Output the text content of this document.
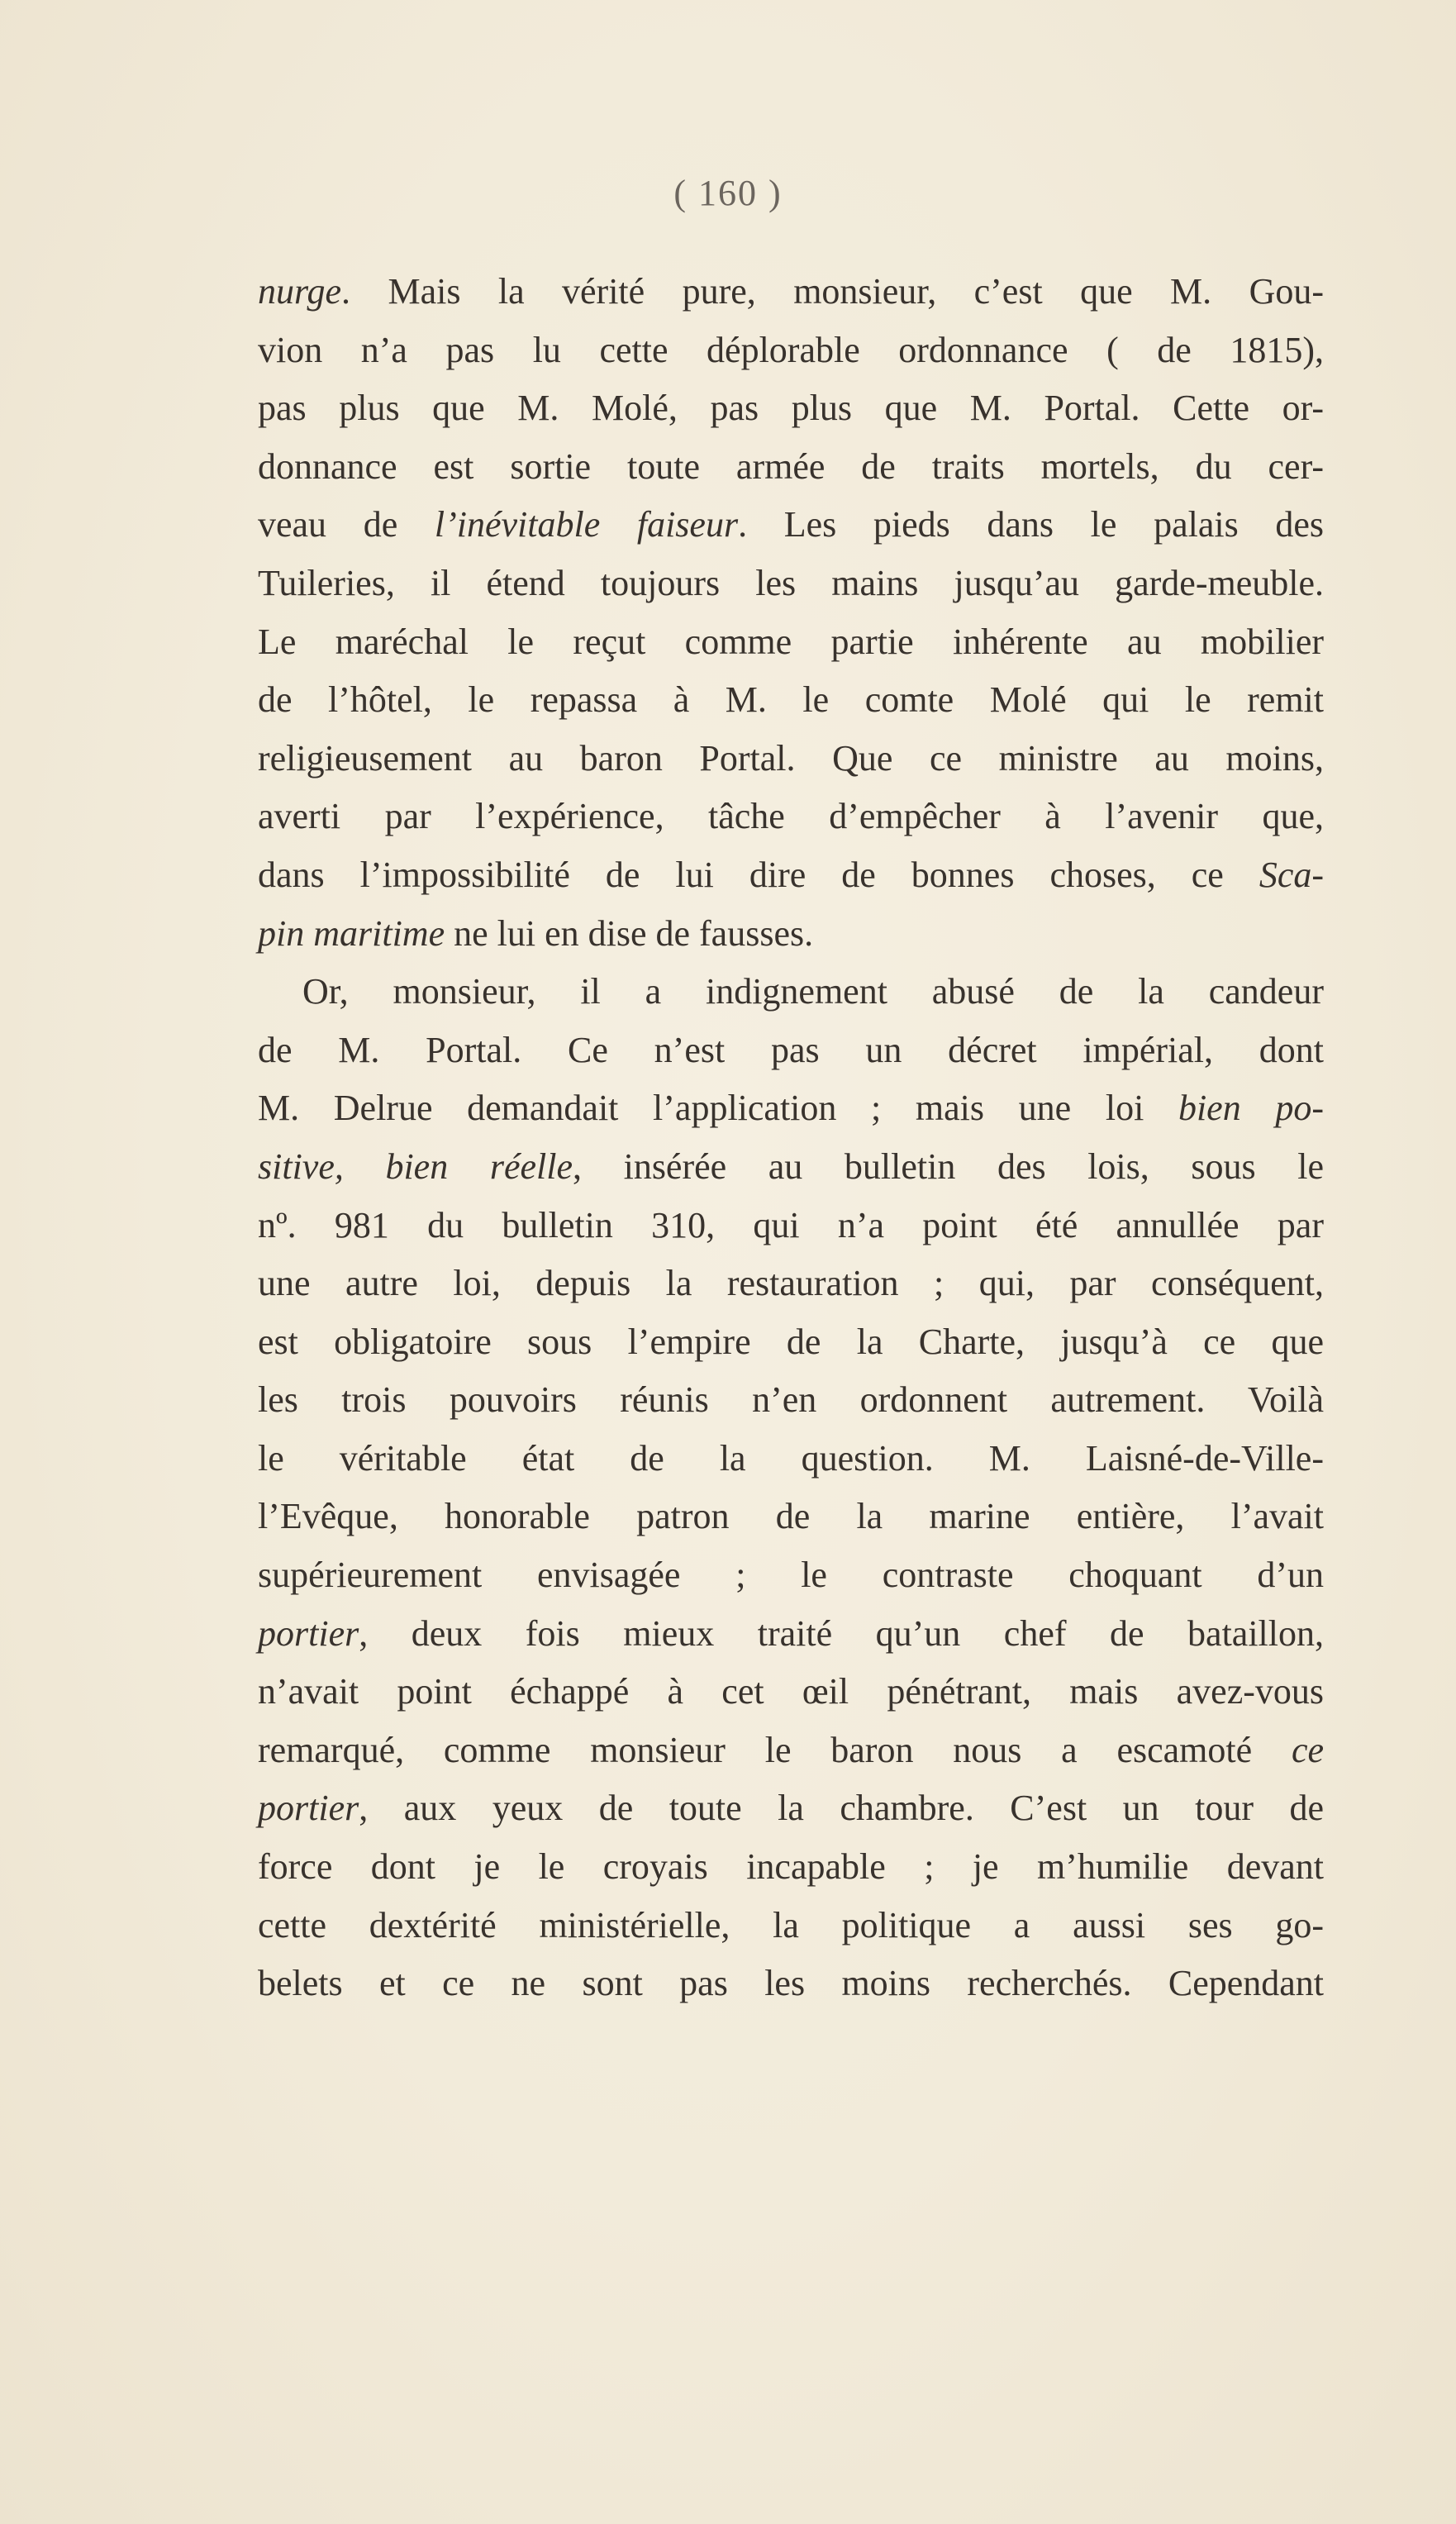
( 160 )
nurge. Mais la vérité pure, monsieur, c’est que M. Gou-
vion n’a pas lu cette déplorable ordonnance ( de 1815),
pas plus que M. Molé, pas plus que M. Portal. Cette or-
donnance est sortie toute armée de traits mortels, du cer-
veau de l’inévitable faiseur. Les pieds dans le palais des
Tuileries, il étend toujours les mains jusqu’au garde-meuble.
Le maréchal le reçut comme partie inhérente au mobilier
de l’hôtel, le repassa à M. le comte Molé qui le remit
religieusement au baron Portal. Que ce ministre au moins,
averti par l’expérience, tâche d’empêcher à l’avenir que,
dans l’impossibilité de lui dire de bonnes choses, ce Sca-
pin maritime ne lui en dise de fausses.
Or, monsieur, il a indignement abusé de la candeur
de M. Portal. Ce n’est pas un décret impérial, dont
M. Delrue demandait l’application ; mais une loi bien po-
sitive, bien réelle, insérée au bulletin des lois, sous le
nº. 981 du bulletin 310, qui n’a point été annullée par
une autre loi, depuis la restauration ; qui, par conséquent,
est obligatoire sous l’empire de la Charte, jusqu’à ce que
les trois pouvoirs réunis n’en ordonnent autrement. Voilà
le véritable état de la question. M. Laisné-de-Ville-
l’Evêque, honorable patron de la marine entière, l’avait
supérieurement envisagée ; le contraste choquant d’un
portier, deux fois mieux traité qu’un chef de bataillon,
n’avait point échappé à cet œil pénétrant, mais avez-vous
remarqué, comme monsieur le baron nous a escamoté ce
portier, aux yeux de toute la chambre. C’est un tour de
force dont je le croyais incapable ; je m’humilie devant
cette dextérité ministérielle, la politique a aussi ses go-
belets et ce ne sont pas les moins recherchés. Cependant
